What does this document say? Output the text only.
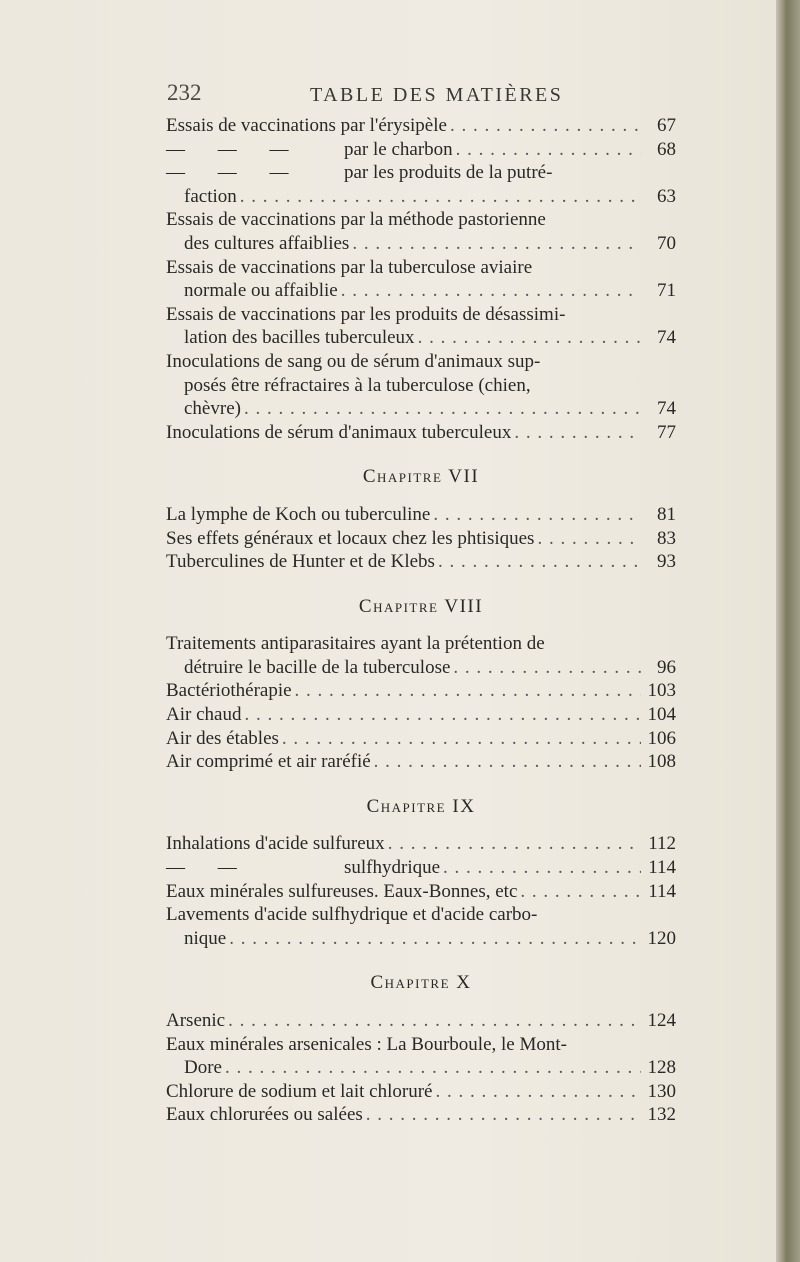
232	TABLE DES MATIÈRES
Essais de vaccinations par l'érysipèle . . .	67
— — —	par le charbon . . .	68
— — — par les produits de la putré-
faction . . .	63
Essais de vaccinations par la méthode pastorienne
des cultures affaiblies . . .	70
Essais de vaccinations par la tuberculose aviaire
normale ou affaiblie . . .	71
Essais de vaccinations par les produits de désassimi-
lation des bacilles tuberculeux . . .	74
Inoculations de sang ou de sérum d'animaux sup-
posés être réfractaires à la tuberculose (chien,
chèvre) . . .	74
Inoculations de sérum d'animaux tuberculeux . . .	77
Chapitre VII
La lymphe de Koch ou tuberculine . . .	81
Ses effets généraux et locaux chez les phtisiques . . .	83
Tuberculines de Hunter et de Klebs . . .	93
Chapitre VIII
Traitements antiparasitaires ayant la prétention de
détruire le bacille de la tuberculose . . .	96
Bactériothérapie . . .	103
Air chaud . . .	104
Air des étables . . .	106
Air comprimé et air raréfié . . .	108
Chapitre IX
Inhalations d'acide sulfureux . . .	112
— —	sulfhydrique . . .	114
Eaux minérales sulfureuses. Eaux-Bonnes, etc . . .	114
Lavements d'acide sulfhydrique et d'acide carbo-
nique . . .	120
Chapitre X
Arsenic . . .	124
Eaux minérales arsenicales : La Bourboule, le Mont-
Dore . . .	128
Chlorure de sodium et lait chloruré . . .	130
Eaux chlorurées ou salées . . .	132
